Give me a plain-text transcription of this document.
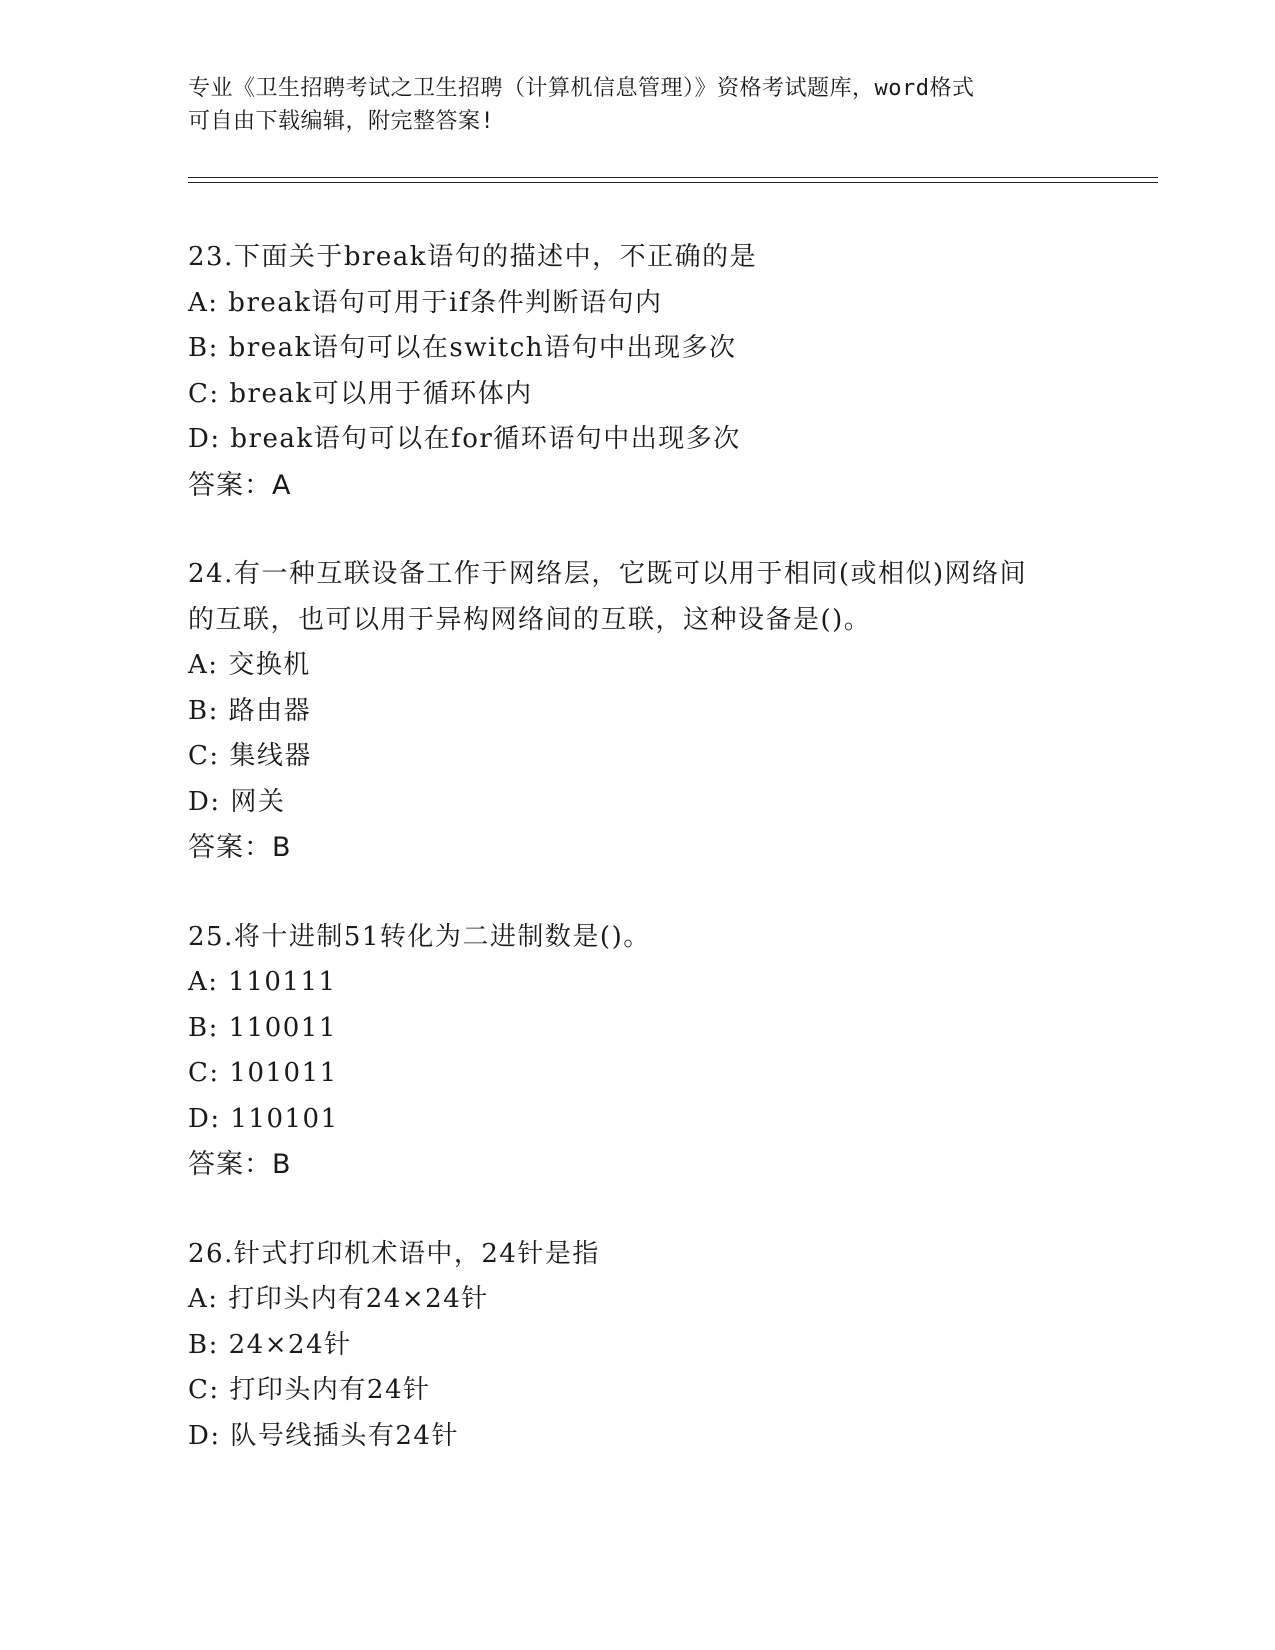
专业《卫生招聘考试之卫生招聘（计算机信息管理）》资格考试题库，word格式
可自由下载编辑，附完整答案!
23.下面关于break语句的描述中，不正确的是
A: break语句可用于if条件判断语句内
B: break语句可以在switch语句中出现多次
C: break可以用于循环体内
D: break语句可以在for循环语句中出现多次
答案：A
24.有一种互联设备工作于网络层，它既可以用于相同(或相似)网络间的互联，也可以用于异构网络间的互联，这种设备是()。
A: 交换机
B: 路由器
C: 集线器
D: 网关
答案：B
25.将十进制51转化为二进制数是()。
A: 110111
B: 110011
C: 101011
D: 110101
答案：B
26.针式打印机术语中，24针是指
A: 打印头内有24×24针
B: 24×24针
C: 打印头内有24针
D: 队号线插头有24针
